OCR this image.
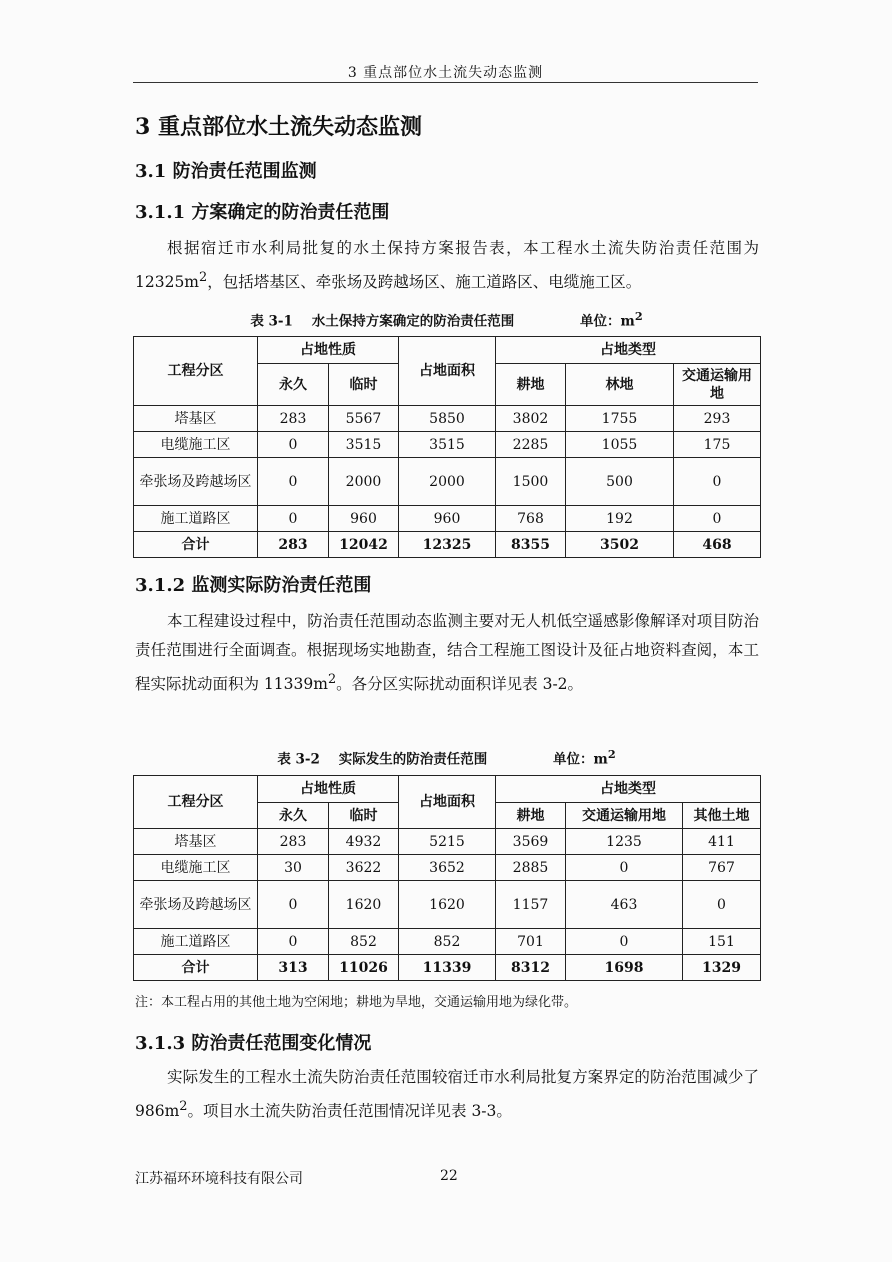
3 重点部位水土流失动态监测
3 重点部位水土流失动态监测
3.1 防治责任范围监测
3.1.1 方案确定的防治责任范围

根据宿迁市水利局批复的水土保持方案报告表，本工程水土流失防治责任范围为 $12325m^2$，包括塔基区、牵张场及跨越场区、施工道路区、电缆施工区。

表 3-1    水土保持方案确定的防治责任范围              单位：$m^2$
工程分区	占地性质		占地面积	占地类型		
	永久	临时		耕地	林地	交通运输用地
塔基区	283	5567	5850	3802	1755	293
电缆施工区	0	3515	3515	2285	1055	175
牵张场及跨越场区	0	2000	2000	1500	500	0
施工道路区	0	960	960	768	192	0
合计	283	12042	12325	8355	3502	468
3.1.2 监测实际防治责任范围

本工程建设过程中，防治责任范围动态监测主要对无人机低空遥感影像解译对项目防治责任范围进行全面调查。根据现场实地勘查，结合工程施工图设计及征占地资料查阅，本工程实际扰动面积为 $11339m^2$。各分区实际扰动面积详见表 3-2。

表 3-2    实际发生的防治责任范围              单位：$m^2$
工程分区	占地性质		占地面积	占地类型		
	永久	临时		耕地	交通运输用地	其他土地
塔基区	283	4932	5215	3569	1235	411
电缆施工区	30	3622	3652	2885	0	767
牵张场及跨越场区	0	1620	1620	1157	463	0
施工道路区	0	852	852	701	0	151
合计	313	11026	11339	8312	1698	1329
注：本工程占用的其他土地为空闲地；耕地为旱地，交通运输用地为绿化带。
3.1.3 防治责任范围变化情况

实际发生的工程水土流失防治责任范围较宿迁市水利局批复方案界定的防治范围减少了 $986m^2$。项目水土流失防治责任范围情况详见表 3-3。

江苏福环环境科技有限公司	22
